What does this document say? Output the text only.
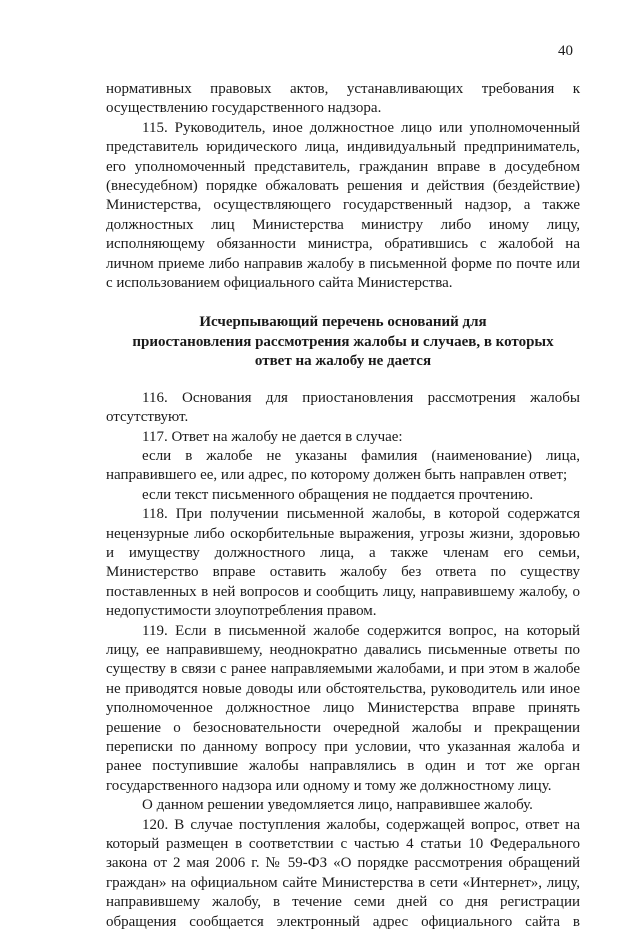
40

нормативных правовых актов, устанавливающих требования к осуществлению государственного надзора.

115. Руководитель, иное должностное лицо или уполномоченный представитель юридического лица, индивидуальный предприниматель, его уполномоченный представитель, гражданин вправе в досудебном (внесудебном) порядке обжаловать решения и действия (бездействие) Министерства, осуществляющего государственный надзор, а также должностных лиц Министерства министру либо иному лицу, исполняющему обязанности министра, обратившись с жалобой на личном приеме либо направив жалобу в письменной форме по почте или с использованием официального сайта Министерства.

Исчерпывающий перечень оснований для
приостановления рассмотрения жалобы и случаев, в которых
ответ на жалобу не дается

116. Основания для приостановления рассмотрения жалобы отсутствуют.

117. Ответ на жалобу не дается в случае:

если в жалобе не указаны фамилия (наименование) лица, направившего ее, или адрес, по которому должен быть направлен ответ;

если текст письменного обращения не поддается прочтению.

118. При получении письменной жалобы, в которой содержатся нецензурные либо оскорбительные выражения, угрозы жизни, здоровью и имуществу должностного лица, а также членам его семьи, Министерство вправе оставить жалобу без ответа по существу поставленных в ней вопросов и сообщить лицу, направившему жалобу, о недопустимости злоупотребления правом.

119. Если в письменной жалобе содержится вопрос, на который лицу, ее направившему, неоднократно давались письменные ответы по существу в связи с ранее направляемыми жалобами, и при этом в жалобе не приводятся новые доводы или обстоятельства, руководитель или иное уполномоченное должностное лицо Министерства вправе принять решение о безосновательности очередной жалобы и прекращении переписки по данному вопросу при условии, что указанная жалоба и ранее поступившие жалобы направлялись в один и тот же орган государственного надзора или одному и тому же должностному лицу.

О данном решении уведомляется лицо, направившее жалобу.

120. В случае поступления жалобы, содержащей вопрос, ответ на который размещен в соответствии с частью 4 статьи 10 Федерального закона от 2 мая 2006 г. № 59-ФЗ «О порядке рассмотрения обращений граждан» на официальном сайте Министерства в сети «Интернет», лицу, направившему жалобу, в течение семи дней со дня регистрации обращения сообщается электронный адрес официального сайта в
